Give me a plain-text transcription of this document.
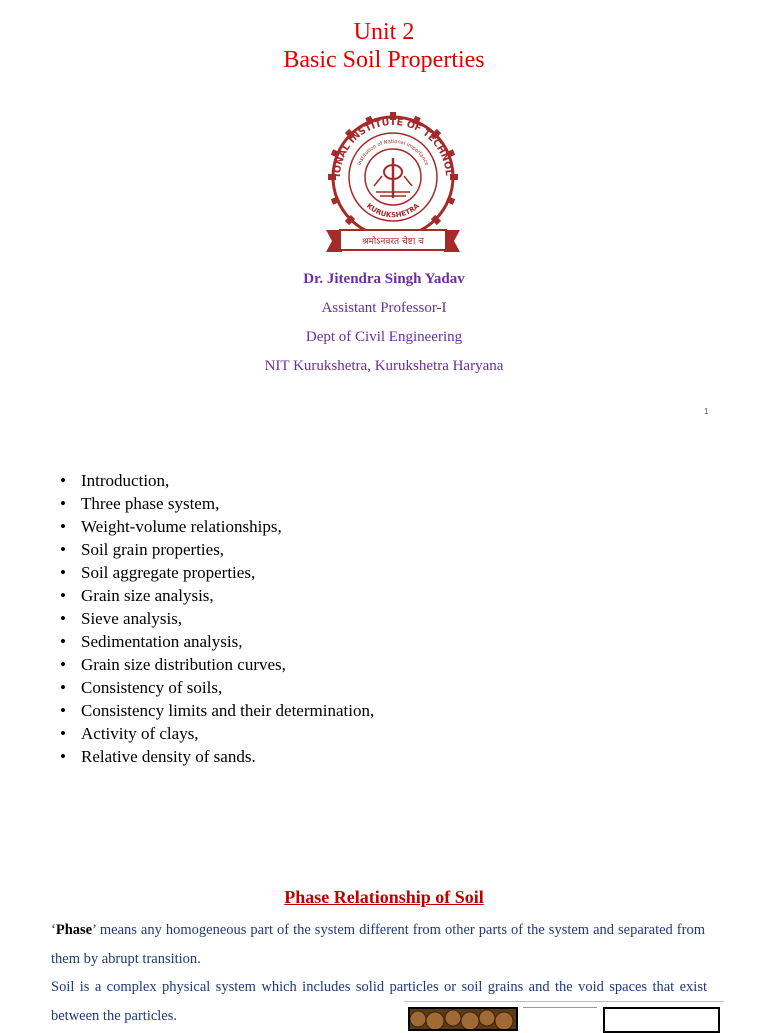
Unit 2
Basic Soil Properties
IONAL INSTITUTE OF TECHNOL
Institution of National Importance
KURUKSHETRA
श्रमोऽनवरत चेष्टा च
Dr. Jitendra Singh Yadav
Assistant Professor-I
Dept of Civil Engineering
NIT Kurukshetra, Kurukshetra Haryana
1
• Introduction,
• Three phase system,
• Weight-volume relationships,
• Soil grain properties,
• Soil aggregate properties,
• Grain size analysis,
• Sieve analysis,
• Sedimentation analysis,
• Grain size distribution curves,
• Consistency of soils,
• Consistency limits and their determination,
• Activity of clays,
• Relative density of sands.
Phase Relationship of Soil

‘Phase’ means any homogeneous part of the system different from other parts of the system and separated from them by abrupt transition.

Soil is a complex physical system which includes solid particles or soil grains and the void spaces that exist between the particles.
